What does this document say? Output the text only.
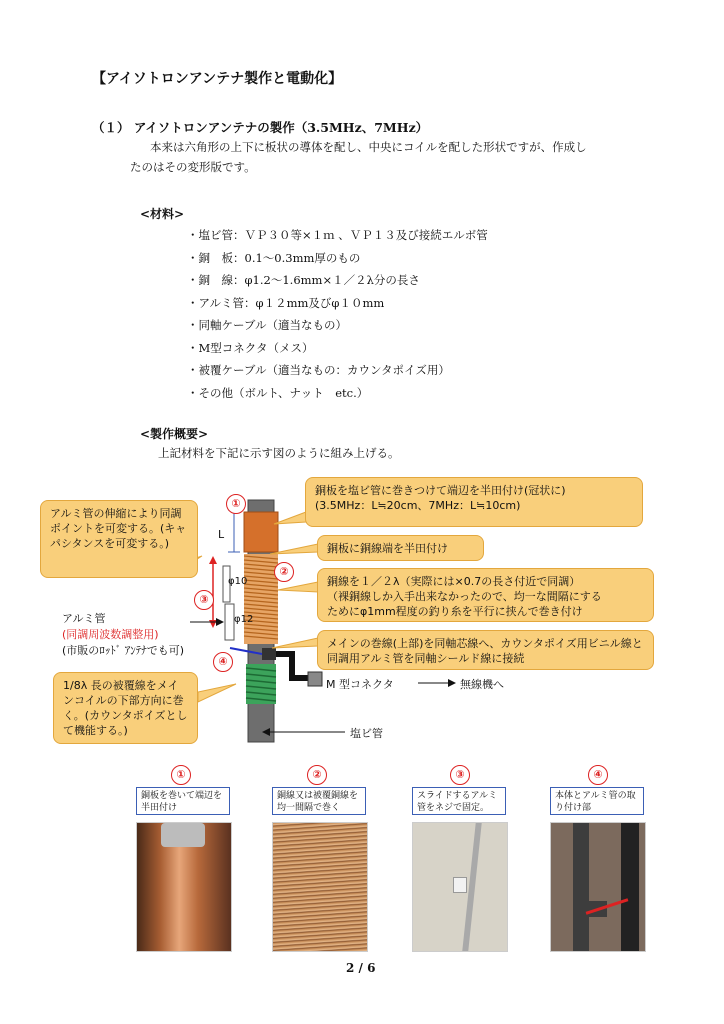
【アイソトロンアンテナ製作と電動化】
（１） アイソトロンアンテナの製作（3.5MHz、7MHz）
本来は六角形の上下に板状の導体を配し、中央にコイルを配した形状ですが、作成し
たのはその変形版です。
<材料>
・塩ビ管：ＶＰ３０等×１ｍ 、ＶＰ１３及び接続エルボ管
・銅　板：0.1～0.3mm厚のもの
・銅　線：φ1.2～1.6mm×１／２λ分の長さ
・アルミ管：φ１２mm及びφ１０mm
・同軸ケーブル（適当なもの）
・M型コネクタ（メス）
・被覆ケーブル（適当なもの：カウンタポイズ用）
・その他（ボルト、ナット　etc.）
<製作概要>
上記材料を下記に示す図のように組み上げる。
アルミ管の伸縮により同調ポイントを可変する。(キャパシタンスを可変する。)
銅板を塩ビ管に巻きつけて端辺を半田付け(冠状に)
(3.5MHz：L≒20cm、7MHz：L≒10cm)
銅板に銅線端を半田付け
銅線を１／２λ（実際には×0.7の長さ付近で同調）
（裸銅線しか入手出来なかったので、均一な間隔にする
ためにφ1mm程度の釣り糸を平行に挟んで巻き付け
メインの巻線(上部)を同軸芯線へ、カウンタポイズ用ビニル線と同調用アルミ管を同軸シールド線に接続
1/8λ 長の被覆線をメインコイルの下部方向に巻く。(カウンタポイズとして機能する。)
L
φ10
φ12
アルミ管
(同調周波数調整用)
(市販のﾛｯﾄﾞ ｱﾝﾃﾅでも可)
M 型コネクタ	無線機へ
塩ビ管
①
②
③
④
①
銅板を巻いて端辺を半田付け
②
銅線又は被覆銅線を均一間隔で巻く
③
スライドするアルミ管をネジで固定。
④
本体とアルミ管の取り付け部
2 / 6
